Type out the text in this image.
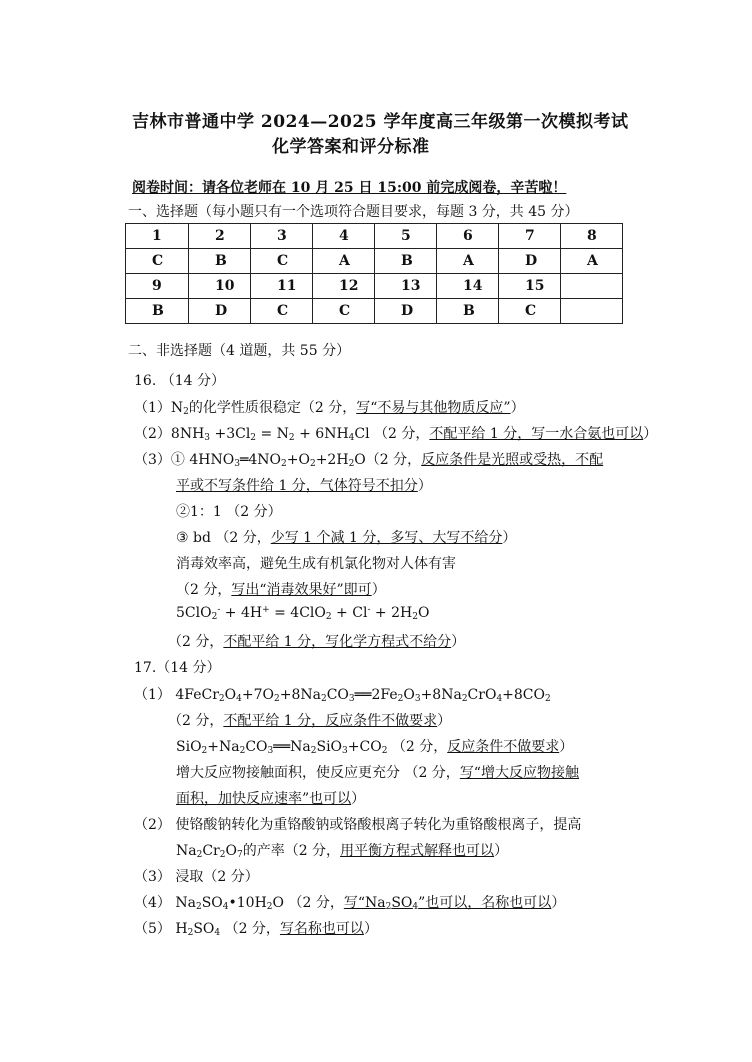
吉林市普通中学 2024—2025 学年度高三年级第一次模拟考试
化学答案和评分标准
阅卷时间：请各位老师在 10 月 25 日 15:00 前完成阅卷，辛苦啦！
一、选择题（每小题只有一个选项符合题目要求，每题 3 分，共 45 分）
1	2	3	4	5	6	7	8
C	B	C	A	B	A	D	A
9	10	11	12	13	14	15	
B	D	C	C	D	B	C	
二、非选择题（4 道题，共 55 分）
16. （14 分）
$(1)N_2$的化学性质很稳定（2 分，写“不易与其他物质反应”）
$(2)8NH_3 +3Cl_2 = N_2 + 6NH_4Cl$ （2 分，不配平给 1 分，写一水合氨也可以）
（3）① $4HNO_3═4NO_2+O_2+2H_2O(2$ 分，反应条件是光照或受热，不配
平或不写条件给 1 分，气体符号不扣分）
②1：1 （2 分）
③ bd （2 分，少写 1 个减 1 分，多写、大写不给分）
消毒效率高，避免生成有机氯化物对人体有害
（2 分，写出“消毒效果好”即可）
$5ClO_2^- + 4H^+ = 4ClO_2 + Cl^- + 2H_2O$
（2 分，不配平给 1 分，写化学方程式不给分）
17.（14 分）
（1） $4FeCr_2O_4+7O_2+8Na_2CO_3══2Fe_2O_3+8Na_2CrO_4+8CO_2$
（2 分，不配平给 1 分，反应条件不做要求）
$SiO_2+Na_2CO_3══Na_2SiO_3+CO_2$ （2 分，反应条件不做要求）
增大反应物接触面积，使反应更充分 （2 分，写“增大反应物接触
面积，加快反应速率”也可以）
（2） 使铬酸钠转化为重铬酸钠或铬酸根离子转化为重铬酸根离子，提高
$Na_2Cr_2O_7$的产率（2 分，用平衡方程式解释也可以）
（3） 浸取（2 分）
（4） $Na_2SO_4•10H_2O$ （2 分，写“$Na_2SO_4$”也可以，名称也可以）
（5） $H_2SO_4$ （2 分，写名称也可以）
